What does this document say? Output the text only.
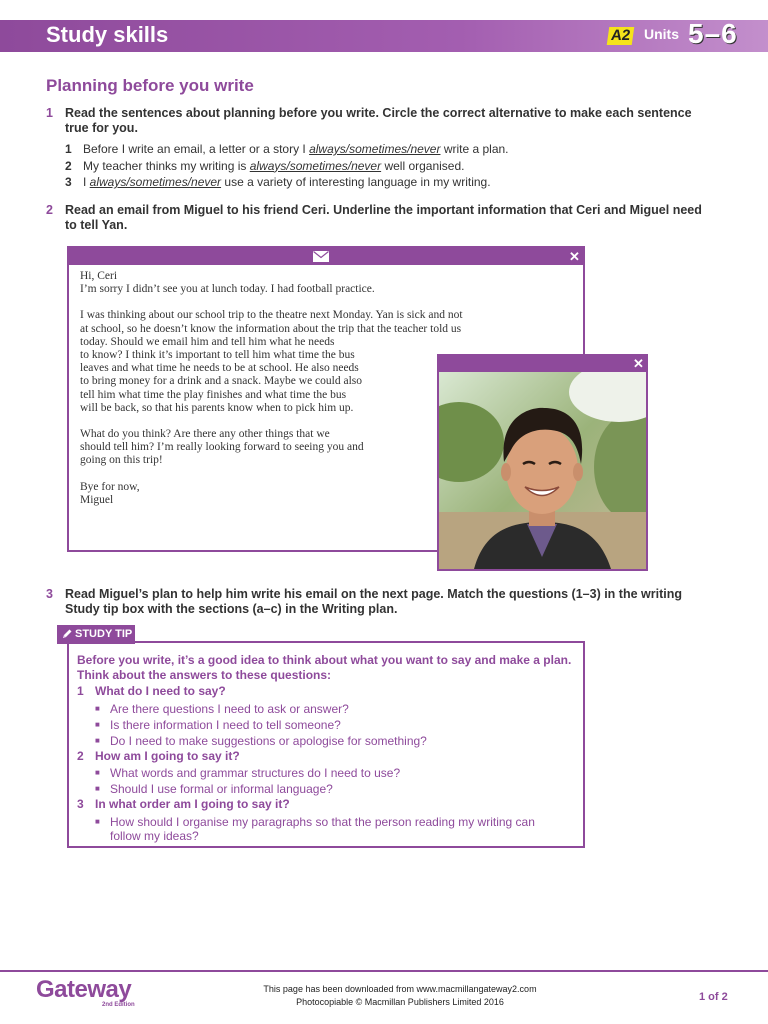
Study skills	A2 Units 5–6
Planning before you write
1 Read the sentences about planning before you write. Circle the correct alternative to make each sentence true for you.
1 Before I write an email, a letter or a story I always/sometimes/never write a plan.
2 My teacher thinks my writing is always/sometimes/never well organised.
3 I always/sometimes/never use a variety of interesting language in my writing.
2 Read an email from Miguel to his friend Ceri. Underline the important information that Ceri and Miguel need to tell Yan.
✕
Hi, Ceri

I’m sorry I didn’t see you at lunch today. I had football practice.

I was thinking about our school trip to the theatre next Monday. Yan is sick and not
at school, so he doesn’t know the information about the trip that the teacher told us
today. Should we email him and tell him what he needs
to know? I think it’s important to tell him what time the bus
leaves and what time he needs to be at school. He also needs
to bring money for a drink and a snack. Maybe we could also
tell him what time the play finishes and what time the bus
will be back, so that his parents know when to pick him up.

What do you think? Are there any other things that we
should tell him? I’m really looking forward to seeing you and
going on this trip!

Bye for now,
Miguel
✕
3 Read Miguel’s plan to help him write his email on the next page. Match the questions (1–3) in the writing Study tip box with the sections (a–c) in the Writing plan.
STUDY TIP
Before you write, it’s a good idea to think about what you want to say and make a plan. Think about the answers to these questions:
1 What do I need to say?
■ Are there questions I need to ask or answer?
■ Is there information I need to tell someone?
■ Do I need to make suggestions or apologise for something?
2 How am I going to say it?
■ What words and grammar structures do I need to use?
■ Should I use formal or informal language?
3 In what order am I going to say it?
■ How should I organise my paragraphs so that the person reading my writing can follow my ideas?
Gateway
2nd Edition
This page has been downloaded from www.macmillangateway2.com
Photocopiable © Macmillan Publishers Limited 2016	1 of 2
